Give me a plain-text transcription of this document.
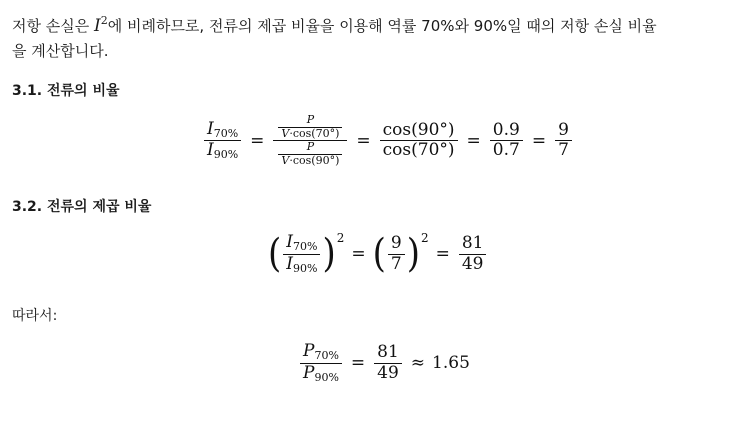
저항 손실은 $I^2$에 비례하므로, 전류의 제곱 비율을 이용해 역률 70%와 90%일 때의 저항 손실 비율
을 계산합니다.
3.1. 전류의 비율
$\frac{I_{70\%}}{I_{90\%}} = \frac{\frac{P}{V\cdot\cos(70^\circ)}}{\frac{P}{V\cdot\cos(90^\circ)}} = \frac{\cos(90^\circ)}{\cos(70^\circ)} = \frac{0.9}{0.7} = \frac{9}{7}$
3.2. 전류의 제곱 비율
( $\frac{I_{70\%}}{I_{90\%}}$ ) 2
= ( $\frac{9}{7}$ ) 2
= $\frac{81}{49}$
따라서:
$\frac{P_{70\%}}{P_{90\%}} = \frac{81}{49} \approx 1.65$
